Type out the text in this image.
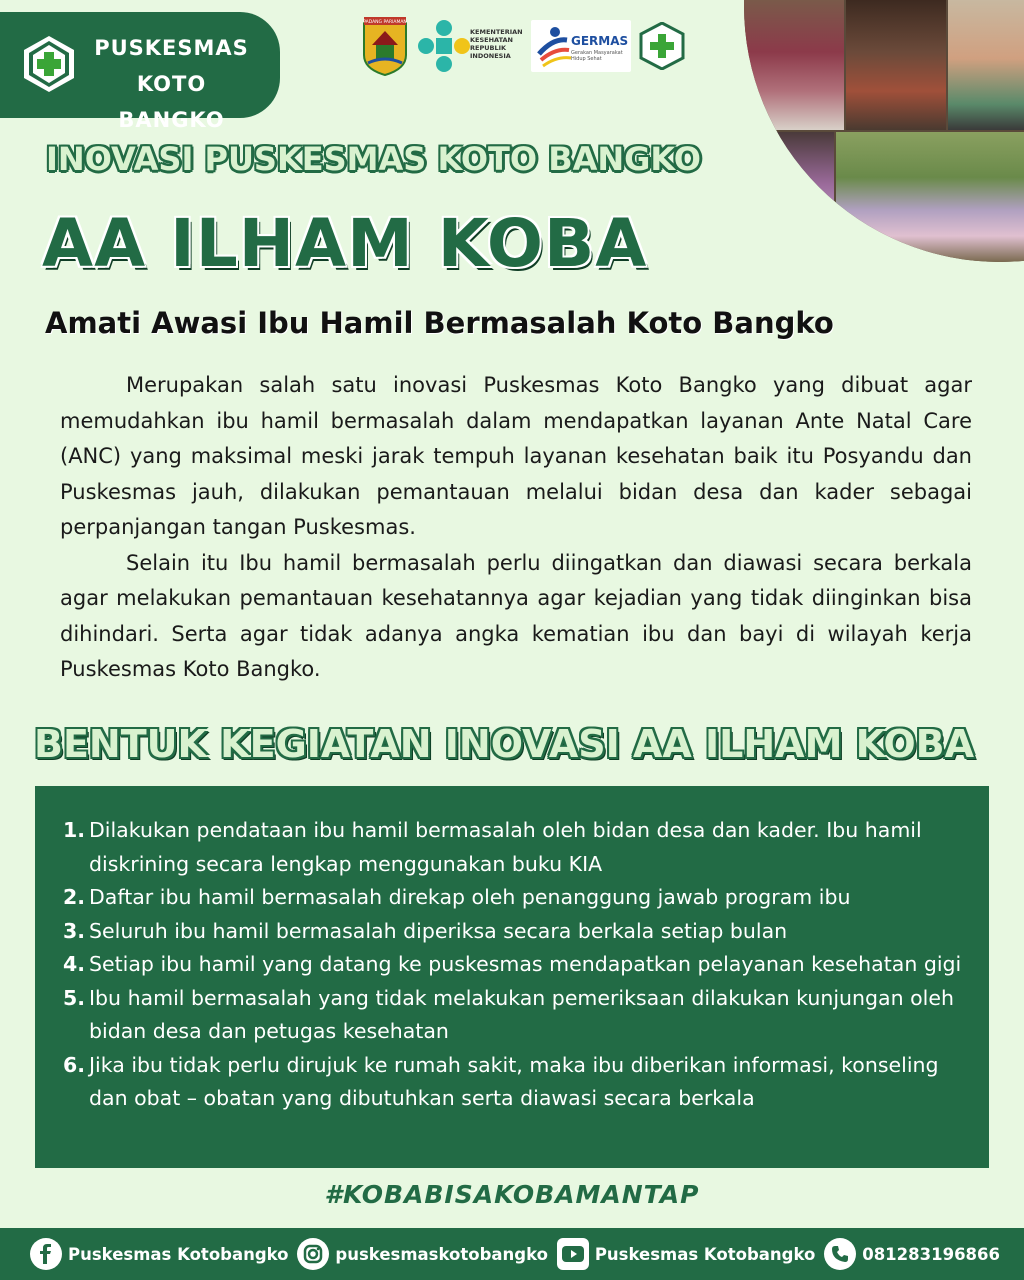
PUSKESMAS
KOTO BANGKO
PADANG PARIAMAN
KEMENTERIAN
KESEHATAN
REPUBLIK
INDONESIA
GERMAS
Gerakan Masyarakat Hidup Sehat
INOVASI PUSKESMAS KOTO BANGKO
AA ILHAM KOBA
Amati Awasi Ibu Hamil Bermasalah Koto Bangko

Merupakan salah satu inovasi Puskesmas Koto Bangko yang dibuat agar memudahkan ibu hamil bermasalah dalam mendapatkan layanan Ante Natal Care (ANC) yang maksimal meski jarak tempuh layanan kesehatan baik itu Posyandu dan Puskesmas jauh, dilakukan pemantauan melalui bidan desa dan kader sebagai perpanjangan tangan Puskesmas.

Selain itu Ibu hamil bermasalah perlu diingatkan dan diawasi secara berkala agar melakukan pemantauan kesehatannya agar kejadian yang tidak diinginkan bisa dihindari. Serta agar tidak adanya angka kematian ibu dan bayi di wilayah kerja Puskesmas Koto Bangko.

BENTUK KEGIATAN INOVASI AA ILHAM KOBA
1. Dilakukan pendataan ibu hamil bermasalah oleh bidan desa dan kader. Ibu hamil diskrining secara lengkap menggunakan buku KIA
2. Daftar ibu hamil bermasalah direkap oleh penanggung jawab program ibu
3. Seluruh ibu hamil bermasalah diperiksa secara berkala setiap bulan
4. Setiap ibu hamil yang datang ke puskesmas mendapatkan pelayanan kesehatan gigi
5. Ibu hamil bermasalah yang tidak melakukan pemeriksaan dilakukan kunjungan oleh bidan desa dan petugas kesehatan
6. Jika ibu tidak perlu dirujuk ke rumah sakit, maka ibu diberikan informasi, konseling dan obat – obatan yang dibutuhkan serta diawasi secara berkala
#KOBABISAKOBAMANTAP
Puskesmas Kotobangko	puskesmaskotobangko	Puskesmas Kotobangko	081283196866
